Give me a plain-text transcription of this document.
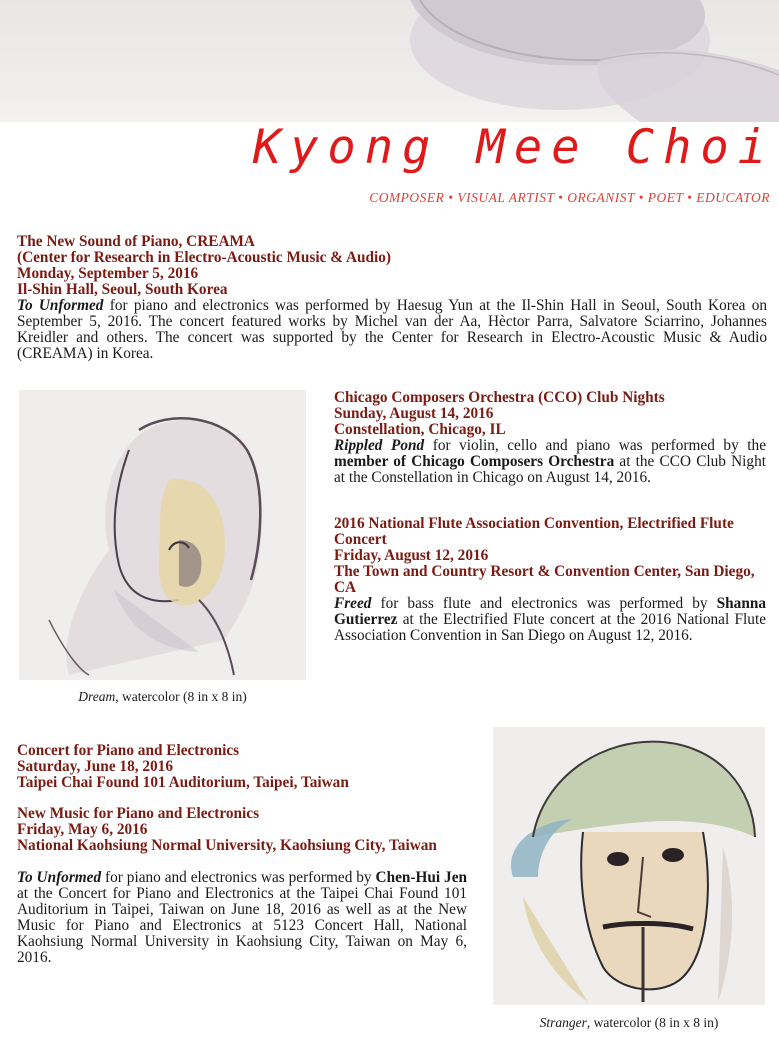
Kyong Mee Choi
COMPOSER • VISUAL ARTIST • ORGANIST • POET • EDUCATOR
The New Sound of Piano, CREAMA
(Center for Research in Electro-Acoustic Music & Audio)
Monday, September 5, 2016
Il-Shin Hall, Seoul, South Korea
To Unformed for piano and electronics was performed by Haesug Yun at the Il-Shin Hall in Seoul, South Korea on September 5, 2016. The concert featured works by Michel van der Aa, Hèctor Parra, Salvatore Sciarrino, Johannes Kreidler and others. The concert was supported by the Center for Research in Electro-Acoustic Music & Audio (CREAMA) in Korea.
Dream, watercolor (8 in x 8 in)
Chicago Composers Orchestra (CCO) Club Nights
Sunday, August 14, 2016
Constellation, Chicago, IL
Rippled Pond for violin, cello and piano was performed by the member of Chicago Composers Orchestra at the CCO Club Night at the Constellation in Chicago on August 14, 2016.
2016 National Flute Association Convention, Electrified Flute Concert
Friday, August 12, 2016
The Town and Country Resort & Convention Center, San Diego, CA
Freed for bass flute and electronics was performed by Shanna Gutierrez at the Electrified Flute concert at the 2016 National Flute Association Convention in San Diego on August 12, 2016.
Concert for Piano and Electronics
Saturday, June 18, 2016
Taipei Chai Found 101 Auditorium, Taipei, Taiwan
New Music for Piano and Electronics
Friday, May 6, 2016
National Kaohsiung Normal University, Kaohsiung City, Taiwan
To Unformed for piano and electronics was performed by Chen-Hui Jen at the Concert for Piano and Electronics at the Taipei Chai Found 101 Auditorium in Taipei, Taiwan on June 18, 2016 as well as at the New Music for Piano and Electronics at 5123 Concert Hall, National Kaohsiung Normal University in Kaohsiung City, Taiwan on May 6, 2016.
Stranger, watercolor (8 in x 8 in)
